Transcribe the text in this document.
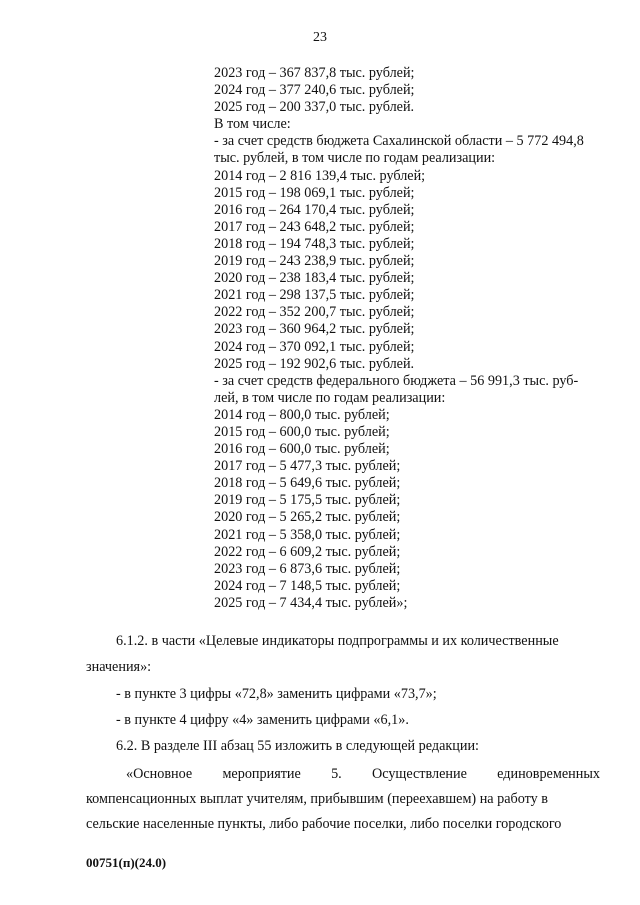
23
2023 год – 367 837,8 тыс. рублей;
2024 год – 377 240,6 тыс. рублей;
2025 год – 200 337,0 тыс. рублей.
В том числе:
- за счет средств бюджета Сахалинской области – 5 772 494,8
тыс. рублей, в том числе по годам реализации:
2014 год – 2 816 139,4 тыс. рублей;
2015 год – 198 069,1 тыс. рублей;
2016 год – 264 170,4 тыс. рублей;
2017 год – 243 648,2 тыс. рублей;
2018 год – 194 748,3 тыс. рублей;
2019 год – 243 238,9 тыс. рублей;
2020 год – 238 183,4 тыс. рублей;
2021 год – 298 137,5 тыс. рублей;
2022 год – 352 200,7 тыс. рублей;
2023 год – 360 964,2 тыс. рублей;
2024 год – 370 092,1 тыс. рублей;
2025 год – 192 902,6 тыс. рублей.
- за счет средств федерального бюджета – 56 991,3 тыс. руб-
лей, в том числе по годам реализации:
2014 год – 800,0 тыс. рублей;
2015 год – 600,0 тыс. рублей;
2016 год – 600,0 тыс. рублей;
2017 год – 5 477,3 тыс. рублей;
2018 год – 5 649,6 тыс. рублей;
2019 год – 5 175,5 тыс. рублей;
2020 год – 5 265,2 тыс. рублей;
2021 год – 5 358,0 тыс. рублей;
2022 год – 6 609,2 тыс. рублей;
2023 год – 6 873,6 тыс. рублей;
2024 год – 7 148,5 тыс. рублей;
2025 год – 7 434,4 тыс. рублей»;
6.1.2. в части «Целевые индикаторы подпрограммы и их количественные
значения»:
- в пункте 3 цифры «72,8» заменить цифрами «73,7»;
- в пункте 4 цифру «4» заменить цифрами «6,1».
6.2. В разделе III абзац 55 изложить в следующей редакции:
«Основное мероприятие 5. Осуществление единовременных
компенсационных выплат учителям, прибывшим (переехавшем) на работу в
сельские населенные пункты, либо рабочие поселки, либо поселки городского
00751(п)(24.0)
